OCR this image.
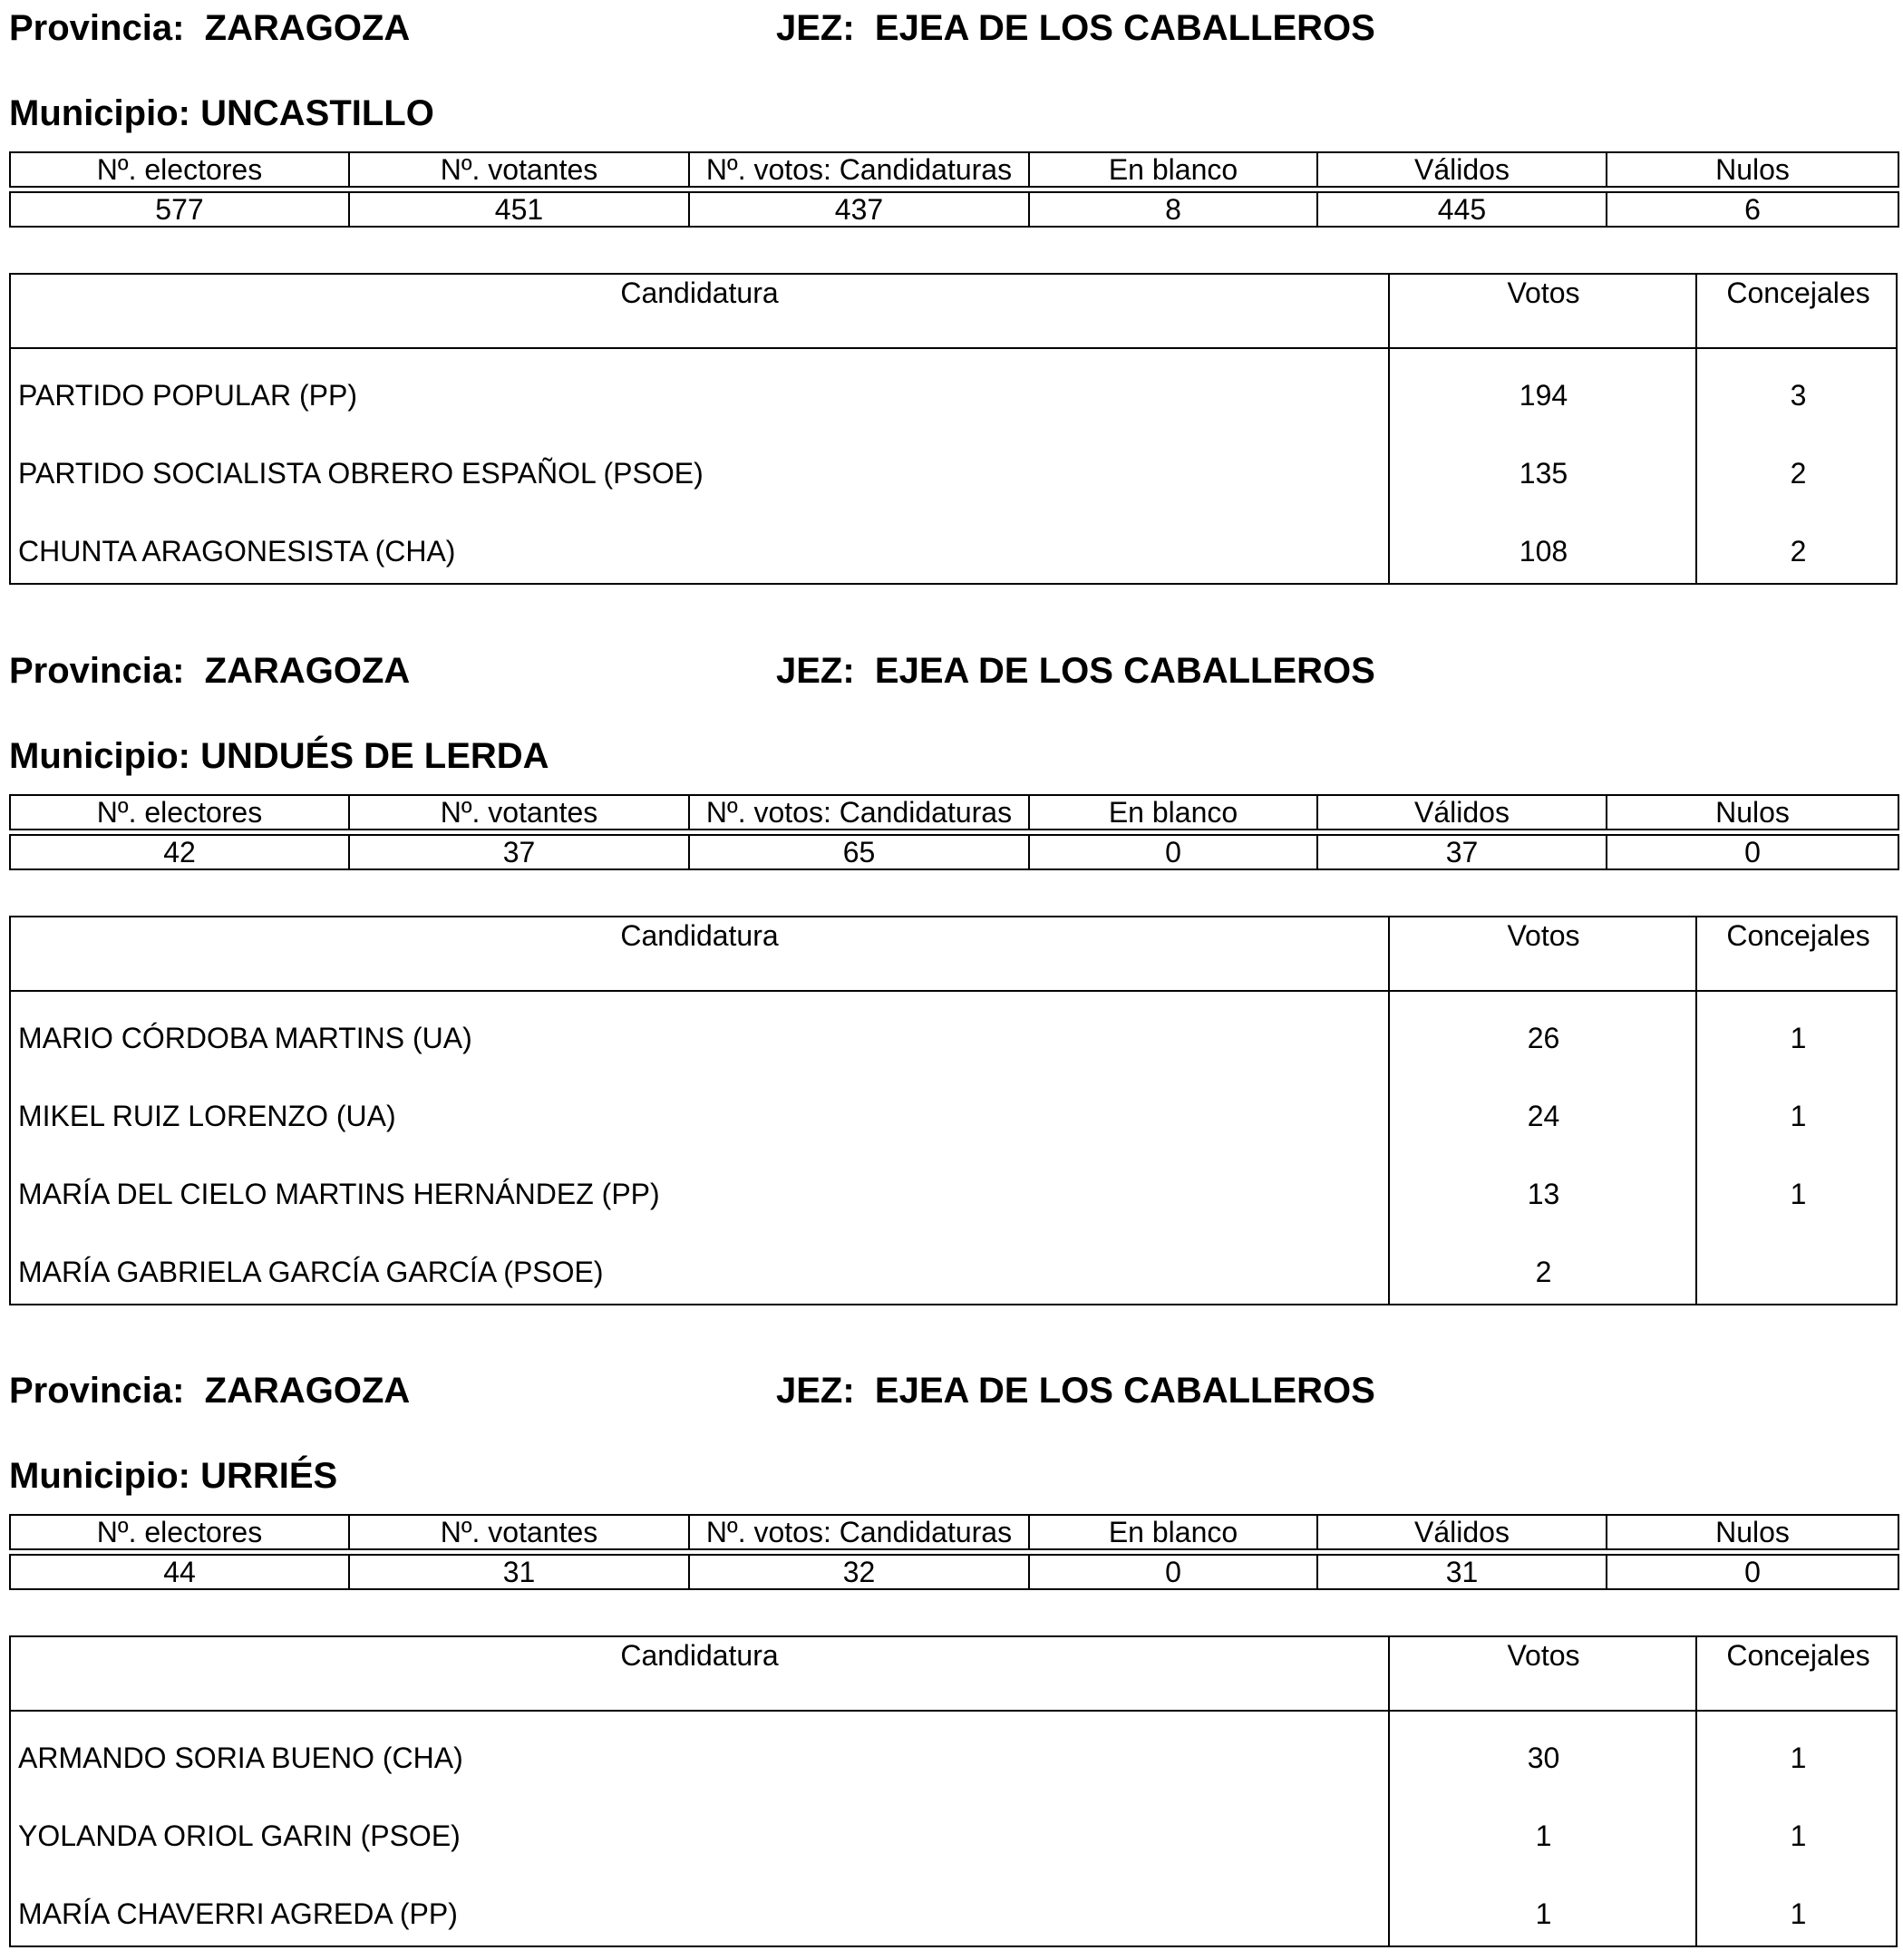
Provincia: ZARAGOZA	JEZ: EJEA DE LOS CABALLEROS
Municipio: UNCASTILLO
Nº. electores	Nº. votantes	Nº. votos: Candidaturas	En blanco	Válidos	Nulos

577	451	437	8	445	6
Candidatura	Votos	Concejales
PARTIDO POPULAR (PP)	194	3
PARTIDO SOCIALISTA OBRERO ESPAÑOL (PSOE)	135	2
CHUNTA ARAGONESISTA (CHA)	108	2
Provincia: ZARAGOZA	JEZ: EJEA DE LOS CABALLEROS
Municipio: UNDUÉS DE LERDA
Nº. electores	Nº. votantes	Nº. votos: Candidaturas	En blanco	Válidos	Nulos

42	37	65	0	37	0
Candidatura	Votos	Concejales
MARIO CÓRDOBA MARTINS (UA)	26	1
MIKEL RUIZ LORENZO (UA)	24	1
MARÍA DEL CIELO MARTINS HERNÁNDEZ (PP)	13	1
MARÍA GABRIELA GARCÍA GARCÍA (PSOE)	2
Provincia: ZARAGOZA	JEZ: EJEA DE LOS CABALLEROS
Municipio: URRIÉS
Nº. electores	Nº. votantes	Nº. votos: Candidaturas	En blanco	Válidos	Nulos

44	31	32	0	31	0
Candidatura	Votos	Concejales
ARMANDO SORIA BUENO (CHA)	30	1
YOLANDA ORIOL GARIN (PSOE)	1	1
MARÍA CHAVERRI AGREDA (PP)	1	1
